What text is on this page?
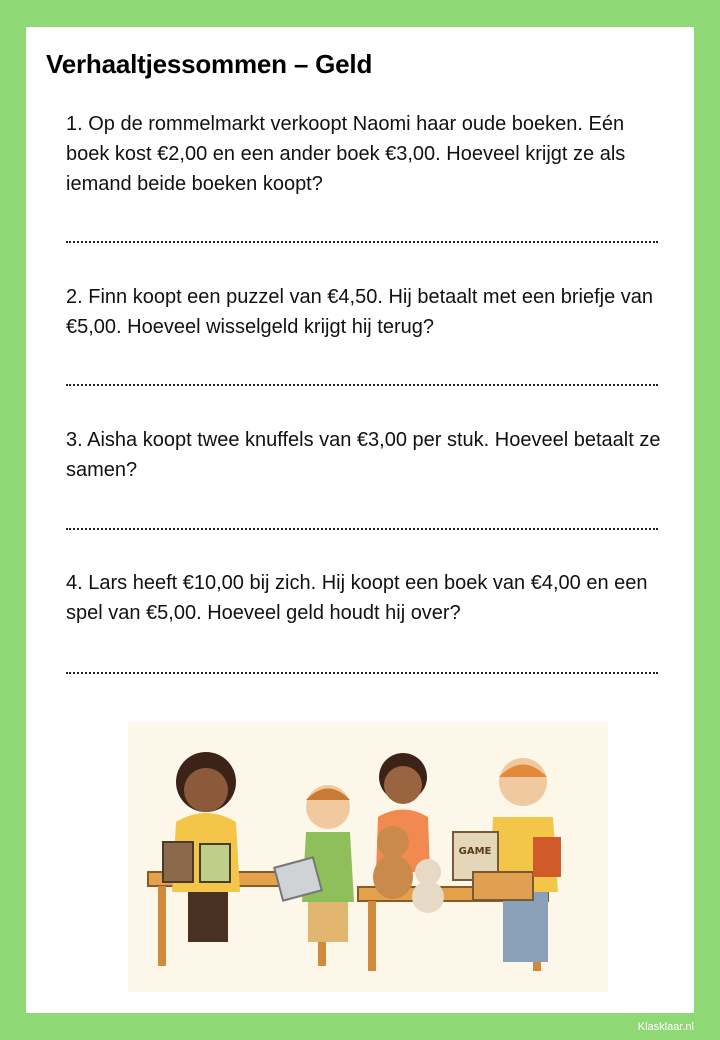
Verhaaltjessommen – Geld

1. Op de rommelmarkt verkoopt Naomi haar oude boeken. Eén boek kost €2,00 en een ander boek €3,00. Hoeveel krijgt ze als iemand beide boeken koopt?

2. Finn koopt een puzzel van €4,50. Hij betaalt met een briefje van €5,00. Hoeveel wisselgeld krijgt hij terug?

3. Aisha koopt twee knuffels van €3,00 per stuk. Hoeveel betaalt ze samen?

4. Lars heeft €10,00 bij zich. Hij koopt een boek van €4,00 en een spel van €5,00. Hoeveel geld houdt hij over?

GAME
Klasklaar.nl
